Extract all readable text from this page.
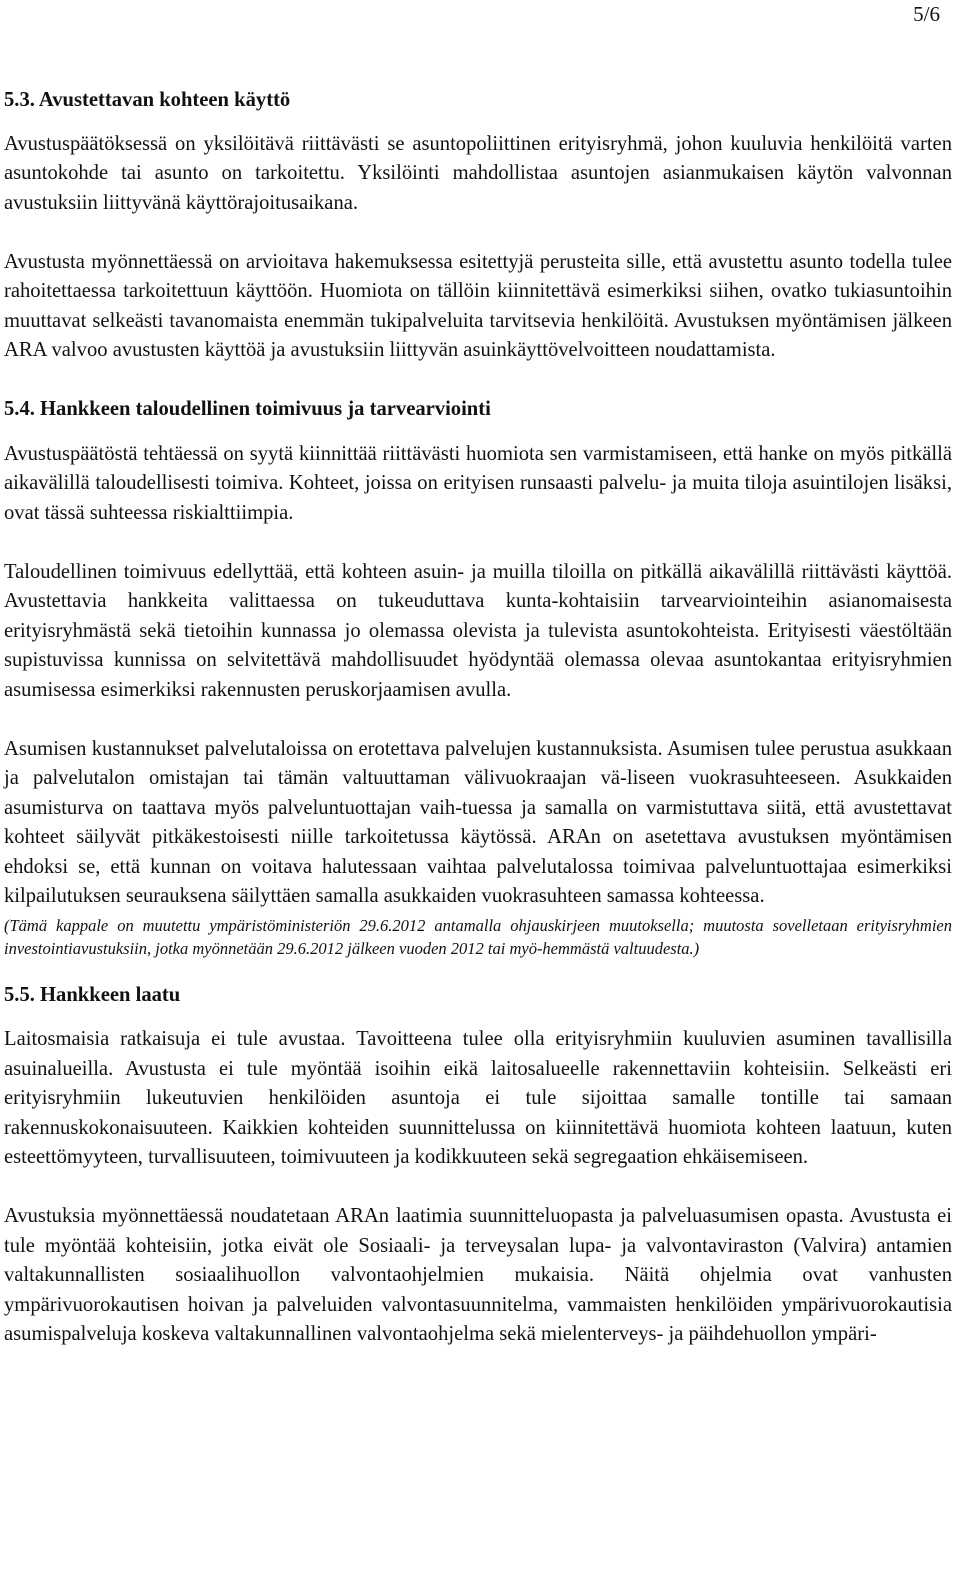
5/6
5.3. Avustettavan kohteen käyttö

Avustuspäätöksessä on yksilöitävä riittävästi se asuntopoliittinen erityisryhmä, johon kuuluvia henkilöitä varten asuntokohde tai asunto on tarkoitettu. Yksilöinti mahdollistaa asuntojen asianmukaisen käytön valvonnan avustuksiin liittyvänä käyttörajoitusaikana.

Avustusta myönnettäessä on arvioitava hakemuksessa esitettyjä perusteita sille, että avustettu asunto todella tulee rahoitettaessa tarkoitettuun käyttöön. Huomiota on tällöin kiinnitettävä esimerkiksi siihen, ovatko tukiasuntoihin muuttavat selkeästi tavanomaista enemmän tukipalveluita tarvitsevia henkilöitä. Avustuksen myöntämisen jälkeen ARA valvoo avustusten käyttöä ja avustuksiin liittyvän asuinkäyttövelvoitteen noudattamista.

5.4. Hankkeen taloudellinen toimivuus ja tarvearviointi

Avustuspäätöstä tehtäessä on syytä kiinnittää riittävästi huomiota sen varmistamiseen, että hanke on myös pitkällä aikavälillä taloudellisesti toimiva. Kohteet, joissa on erityisen runsaasti palvelu- ja muita tiloja asuintilojen lisäksi, ovat tässä suhteessa riskialttiimpia.

Taloudellinen toimivuus edellyttää, että kohteen asuin- ja muilla tiloilla on pitkällä aikavälillä riittävästi käyttöä. Avustettavia hankkeita valittaessa on tukeuduttava kunta-kohtaisiin tarvearviointeihin asianomaisesta erityisryhmästä sekä tietoihin kunnassa jo olemassa olevista ja tulevista asuntokohteista. Erityisesti väestöltään supistuvissa kunnissa on selvitettävä mahdollisuudet hyödyntää olemassa olevaa asuntokantaa erityisryhmien asumisessa esimerkiksi rakennusten peruskorjaamisen avulla.

Asumisen kustannukset palvelutaloissa on erotettava palvelujen kustannuksista. Asumisen tulee perustua asukkaan ja palvelutalon omistajan tai tämän valtuuttaman välivuokraajan vä-liseen vuokrasuhteeseen. Asukkaiden asumisturva on taattava myös palveluntuottajan vaih-tuessa ja samalla on varmistuttava siitä, että avustettavat kohteet säilyvät pitkäkestoisesti niille tarkoitetussa käytössä. ARAn on asetettava avustuksen myöntämisen ehdoksi se, että kunnan on voitava halutessaan vaihtaa palvelutalossa toimivaa palveluntuottajaa esimerkiksi kilpailutuksen seurauksena säilyttäen samalla asukkaiden vuokrasuhteen samassa kohteessa.

(Tämä kappale on muutettu ympäristöministeriön 29.6.2012 antamalla ohjauskirjeen muutoksella; muutosta sovelletaan erityisryhmien investointiavustuksiin, jotka myönnetään 29.6.2012 jälkeen vuoden 2012 tai myö-hemmästä valtuudesta.)

5.5. Hankkeen laatu

Laitosmaisia ratkaisuja ei tule avustaa. Tavoitteena tulee olla erityisryhmiin kuuluvien asuminen tavallisilla asuinalueilla. Avustusta ei tule myöntää isoihin eikä laitosalueelle rakennettaviin kohteisiin. Selkeästi eri erityisryhmiin lukeutuvien henkilöiden asuntoja ei tule sijoittaa samalle tontille tai samaan rakennuskokonaisuuteen. Kaikkien kohteiden suunnittelussa on kiinnitettävä huomiota kohteen laatuun, kuten esteettömyyteen, turvallisuuteen, toimivuuteen ja kodikkuuteen sekä segregaation ehkäisemiseen.

Avustuksia myönnettäessä noudatetaan ARAn laatimia suunnitteluopasta ja palveluasumisen opasta. Avustusta ei tule myöntää kohteisiin, jotka eivät ole Sosiaali- ja terveysalan lupa- ja valvontaviraston (Valvira) antamien valtakunnallisten sosiaalihuollon valvontaohjelmien mukaisia. Näitä ohjelmia ovat vanhusten ympärivuorokautisen hoivan ja palveluiden valvontasuunnitelma, vammaisten henkilöiden ympärivuorokautisia asumispalveluja koskeva valtakunnallinen valvontaohjelma sekä mielenterveys- ja päihdehuollon ympäri-
